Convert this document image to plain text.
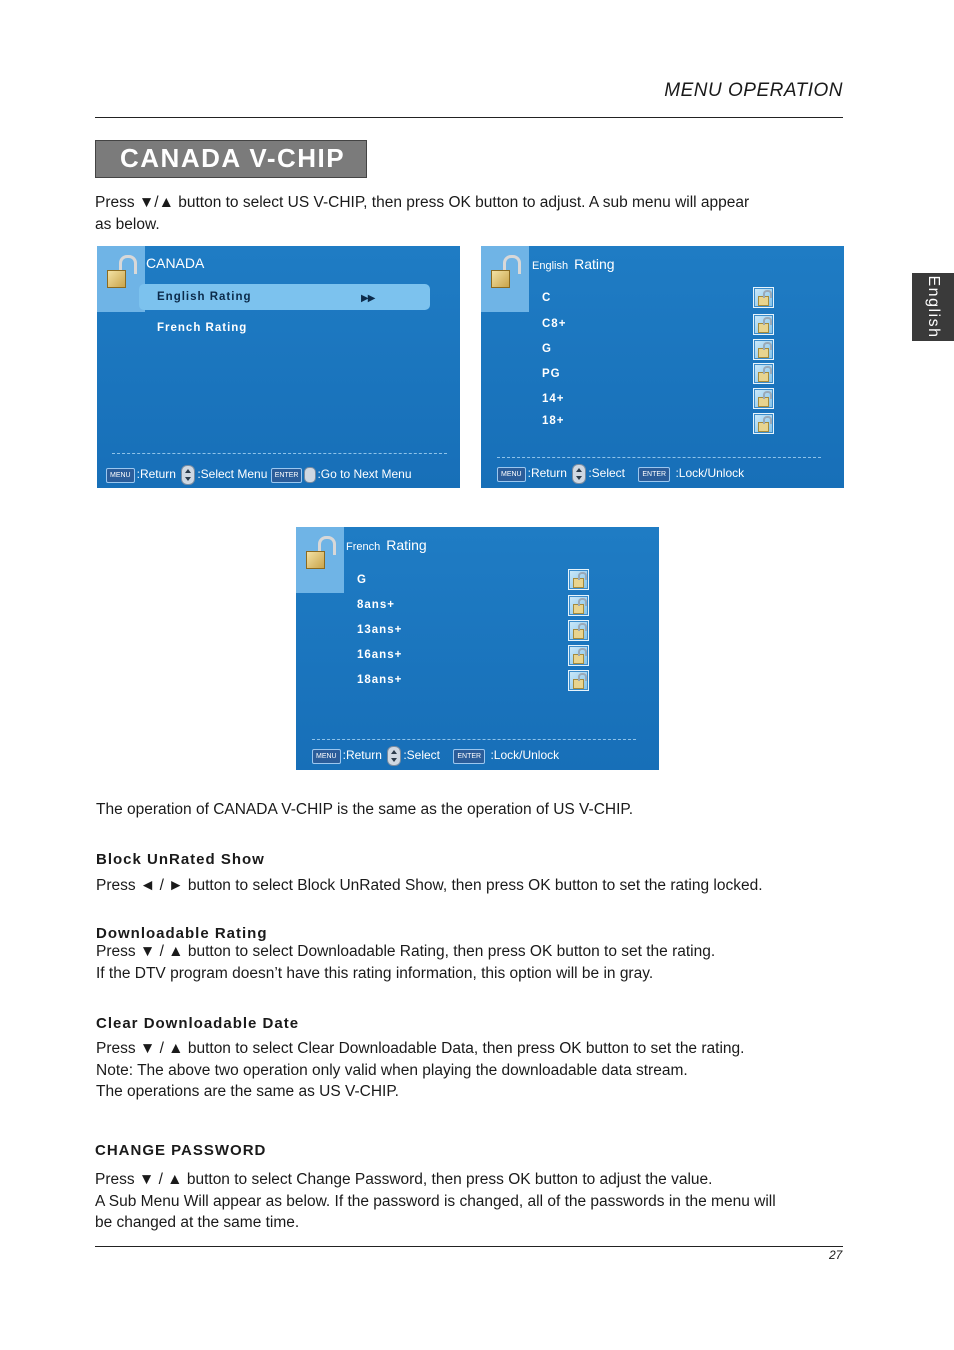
MENU OPERATION
English
CANADA V-CHIP
Press ▼/▲ button to select US V-CHIP, then press OK button to adjust. A sub menu will appear
as below.
CANADA
English Rating	▶▶
French Rating
MENU :Return :Select Menu ENTER :Go to Next Menu
English Rating
C
C8+
G
PG
14+
18+
MENU :Return :Select ENTER :Lock/Unlock
French Rating
G
8ans+
13ans+
16ans+
18ans+
MENU :Return :Select ENTER :Lock/Unlock
The operation of CANADA V-CHIP is the same as the operation of US V-CHIP.
Block UnRated Show
Press ◄ / ► button to select Block UnRated Show, then press OK button to set the rating locked.
Downloadable Rating
Press ▼ / ▲ button to select Downloadable Rating, then press OK button to set the rating.
If the DTV program doesn’t have this rating information, this option will be in gray.
Clear Downloadable Date
Press ▼ / ▲ button to select Clear Downloadable Data, then press OK button to set the rating.
Note: The above two operation only valid when playing the downloadable data stream.
The operations are the same as US V-CHIP.
CHANGE PASSWORD
Press ▼ / ▲ button to select Change Password, then press OK button to adjust the value.
A Sub Menu Will appear as below. If the password is changed, all of the passwords in the menu will
be changed at the same time.
27
